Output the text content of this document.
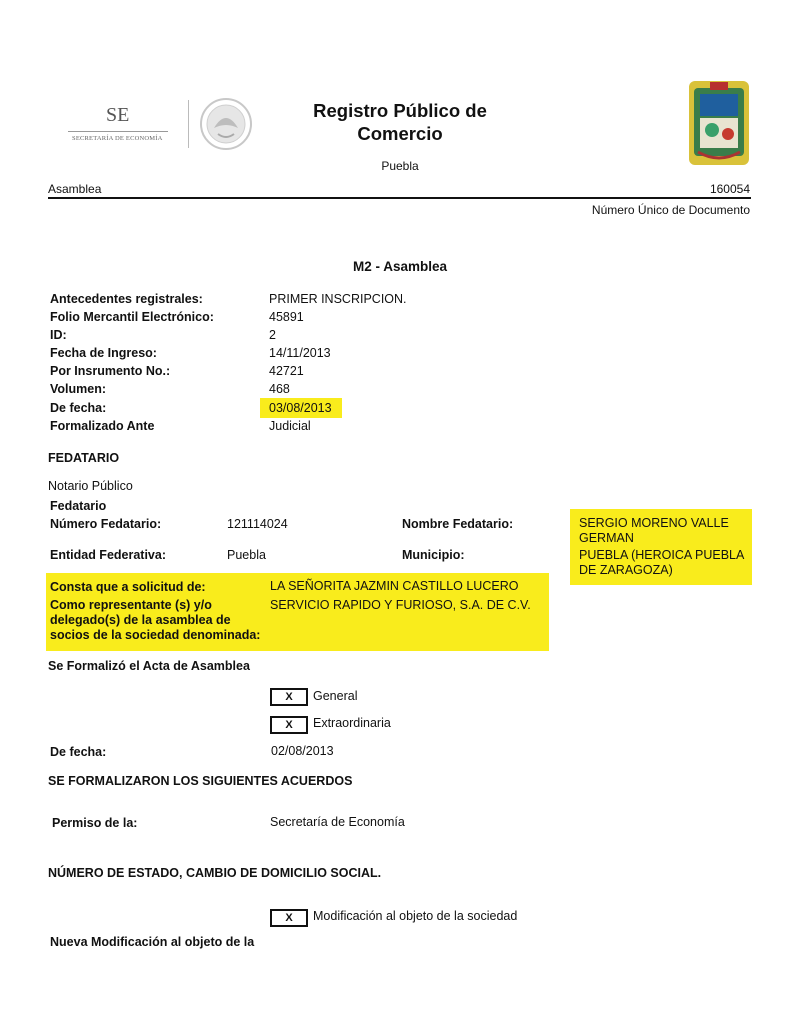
SE
SECRETARÍA DE ECONOMÍA
Registro Público de
Comercio
Puebla
Asamblea	160054
Número Único de Documento
M2 - Asamblea
Antecedentes registrales:	PRIMER INSCRIPCION.
Folio Mercantil Electrónico:	45891
ID:	2
Fecha de Ingreso:	14/11/2013
Por Insrumento No.:	42721
Volumen:	468
De fecha:	03/08/2013
Formalizado Ante	Judicial
FEDATARIO
Notario Público
Fedatario
Número Fedatario:	121114024	Nombre Fedatario:	SERGIO MORENO VALLE
GERMAN
Entidad Federativa:	Puebla	Municipio:	PUEBLA (HEROICA PUEBLA
DE ZARAGOZA)
Consta que a solicitud de:	LA SEÑORITA JAZMIN CASTILLO LUCERO
Como representante (s) y/o
delegado(s) de la asamblea de
socios de la sociedad denominada:
SERVICIO RAPIDO Y FURIOSO, S.A. DE C.V.
Se Formalizó el Acta de Asamblea
X	General
X	Extraordinaria
De fecha:	02/08/2013
SE FORMALIZARON LOS SIGUIENTES ACUERDOS
Permiso de la:	Secretaría de Economía
NÚMERO DE ESTADO, CAMBIO DE DOMICILIO SOCIAL.
X	Modificación al objeto de la sociedad
Nueva Modificación al objeto de la
